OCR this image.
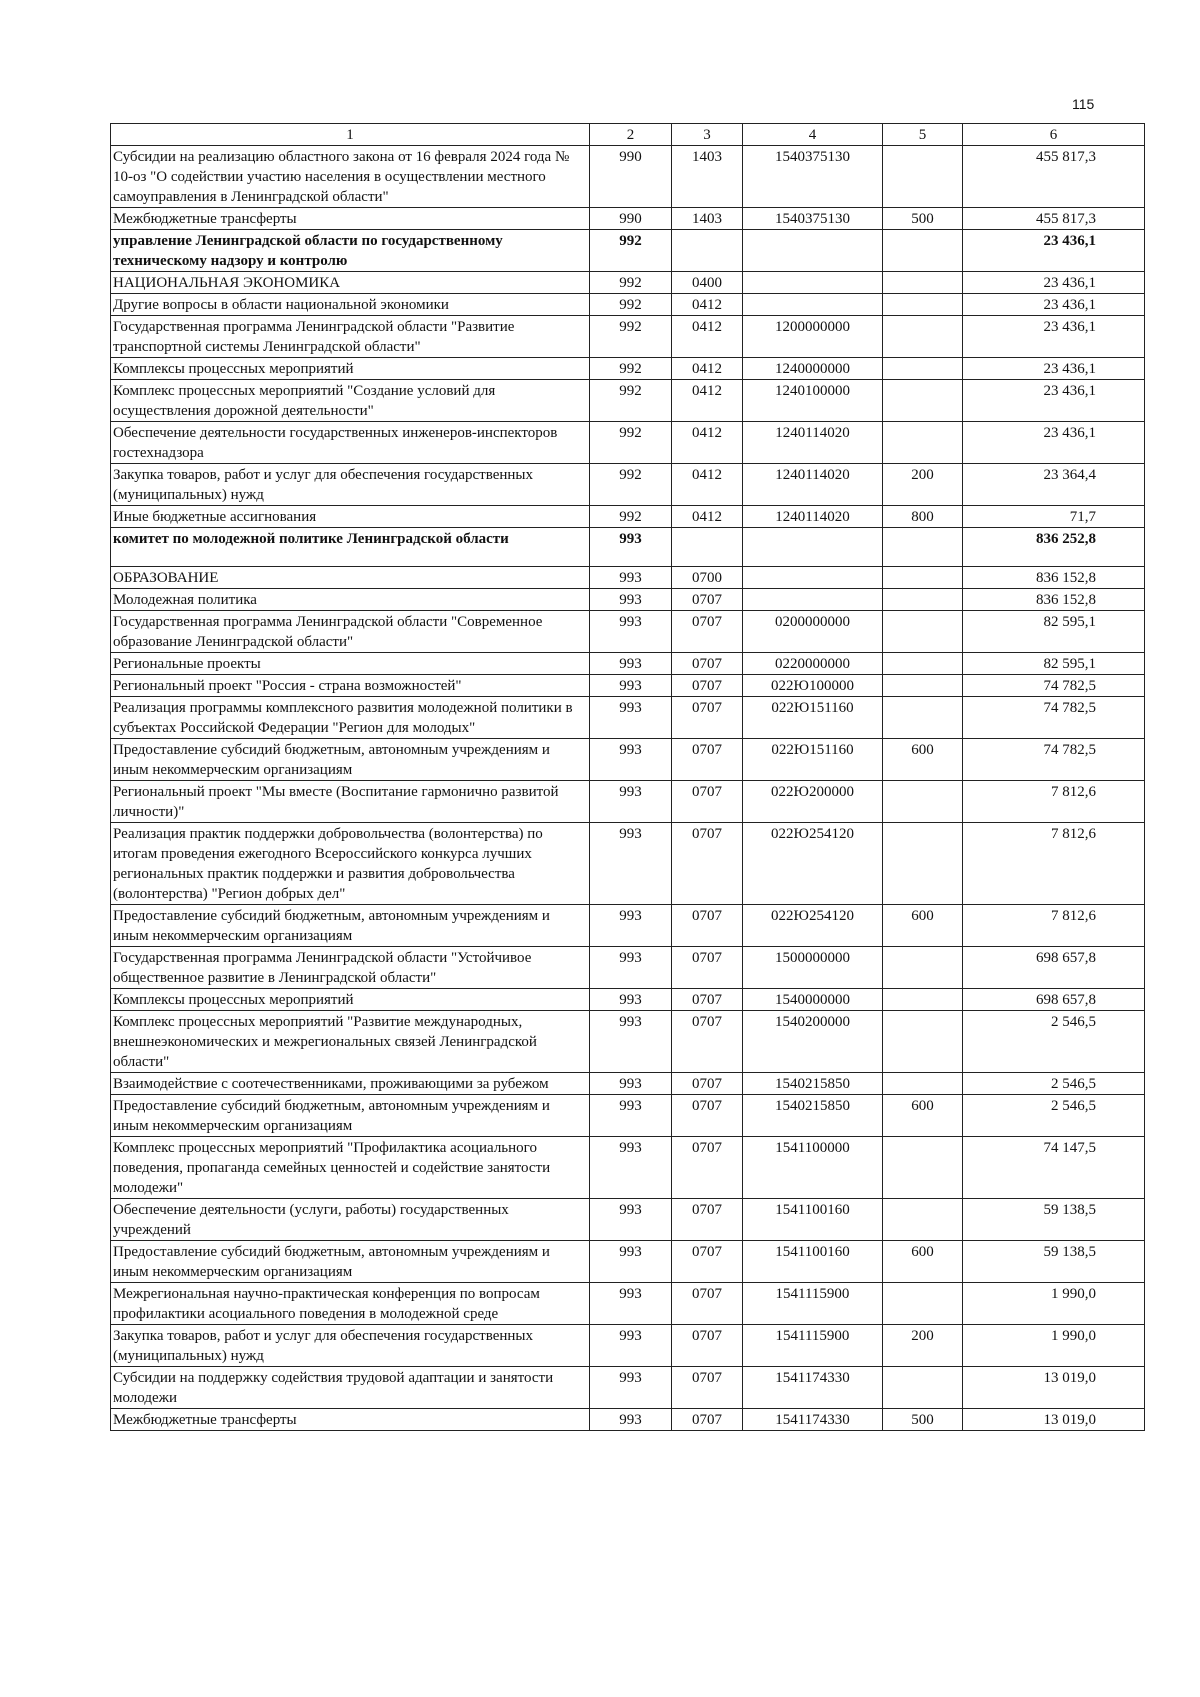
115
1	2	3	4	5	6
Субсидии на реализацию областного закона от 16 февраля 2024 года № 10-оз "О содействии участию населения в осуществлении местного самоуправления в Ленинградской области"	990	1403	1540375130		455 817,3
Межбюджетные трансферты	990	1403	1540375130	500	455 817,3
управление Ленинградской области по государственному техническому надзору и контролю	992				23 436,1
НАЦИОНАЛЬНАЯ ЭКОНОМИКА	992	0400			23 436,1
Другие вопросы в области национальной экономики	992	0412			23 436,1
Государственная программа Ленинградской области "Развитие транспортной системы Ленинградской области"	992	0412	1200000000		23 436,1
Комплексы процессных мероприятий	992	0412	1240000000		23 436,1
Комплекс процессных мероприятий "Создание условий для осуществления дорожной деятельности"	992	0412	1240100000		23 436,1
Обеспечение деятельности государственных инженеров-инспекторов гостехнадзора	992	0412	1240114020		23 436,1
Закупка товаров, работ и услуг для обеспечения государственных (муниципальных) нужд	992	0412	1240114020	200	23 364,4
Иные бюджетные ассигнования	992	0412	1240114020	800	71,7
комитет по молодежной политике Ленинградской области	993				836 252,8
ОБРАЗОВАНИЕ	993	0700			836 152,8
Молодежная политика	993	0707			836 152,8
Государственная программа Ленинградской области "Современное образование Ленинградской области"	993	0707	0200000000		82 595,1
Региональные проекты	993	0707	0220000000		82 595,1
Региональный проект "Россия - страна возможностей"	993	0707	022Ю100000		74 782,5
Реализация программы комплексного развития молодежной политики в субъектах Российской Федерации "Регион для молодых"	993	0707	022Ю151160		74 782,5
Предоставление субсидий бюджетным, автономным учреждениям и иным некоммерческим организациям	993	0707	022Ю151160	600	74 782,5
Региональный проект "Мы вместе (Воспитание гармонично развитой личности)"	993	0707	022Ю200000		7 812,6
Реализация практик поддержки добровольчества (волонтерства) по итогам проведения ежегодного Всероссийского конкурса лучших региональных практик поддержки и развития добровольчества (волонтерства) "Регион добрых дел"	993	0707	022Ю254120		7 812,6
Предоставление субсидий бюджетным, автономным учреждениям и иным некоммерческим организациям	993	0707	022Ю254120	600	7 812,6
Государственная программа Ленинградской области "Устойчивое общественное развитие в Ленинградской области"	993	0707	1500000000		698 657,8
Комплексы процессных мероприятий	993	0707	1540000000		698 657,8
Комплекс процессных мероприятий "Развитие международных, внешнеэкономических и межрегиональных связей Ленинградской области"	993	0707	1540200000		2 546,5
Взаимодействие с соотечественниками, проживающими за рубежом	993	0707	1540215850		2 546,5
Предоставление субсидий бюджетным, автономным учреждениям и иным некоммерческим организациям	993	0707	1540215850	600	2 546,5
Комплекс процессных мероприятий "Профилактика асоциального поведения, пропаганда семейных ценностей и содействие занятости молодежи"	993	0707	1541100000		74 147,5
Обеспечение деятельности (услуги, работы) государственных учреждений	993	0707	1541100160		59 138,5
Предоставление субсидий бюджетным, автономным учреждениям и иным некоммерческим организациям	993	0707	1541100160	600	59 138,5
Межрегиональная научно-практическая конференция по вопросам профилактики асоциального поведения в молодежной среде	993	0707	1541115900		1 990,0
Закупка товаров, работ и услуг для обеспечения государственных (муниципальных) нужд	993	0707	1541115900	200	1 990,0
Субсидии на поддержку содействия трудовой адаптации и занятости молодежи	993	0707	1541174330		13 019,0
Межбюджетные трансферты	993	0707	1541174330	500	13 019,0
